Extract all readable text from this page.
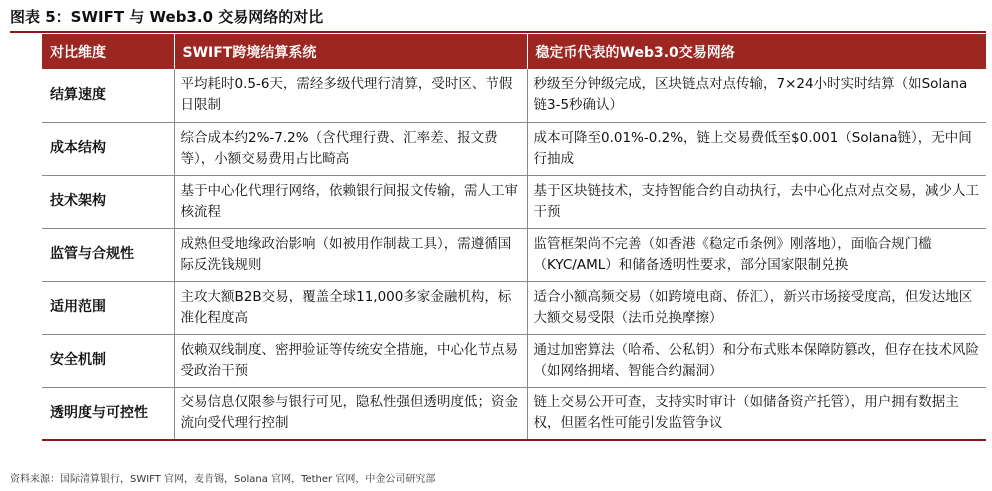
图表 5：SWIFT 与 Web3.0 交易网络的对比
对比维度	SWIFT跨境结算系统	稳定币代表的Web3.0交易网络
结算速度	平均耗时0.5-6天，需经多级代理行清算，受时区、节假日限制	秒级至分钟级完成，区块链点对点传输，7×24小时实时结算（如Solana链3-5秒确认）
成本结构	综合成本约2%-7.2%（含代理行费、汇率差、报文费等），小额交易费用占比畸高	成本可降至0.01%-0.2%，链上交易费低至$0.001（Solana链），无中间行抽成
技术架构	基于中心化代理行网络，依赖银行间报文传输，需人工审核流程	基于区块链技术，支持智能合约自动执行，去中心化点对点交易，减少人工干预
监管与合规性	成熟但受地缘政治影响（如被用作制裁工具），需遵循国际反洗钱规则	监管框架尚不完善（如香港《稳定币条例》刚落地），面临合规门槛（KYC/AML）和储备透明性要求，部分国家限制兑换
适用范围	主攻大额B2B交易，覆盖全球11,000多家金融机构，标准化程度高	适合小额高频交易（如跨境电商、侨汇），新兴市场接受度高，但发达地区大额交易受限（法币兑换摩擦）
安全机制	依赖双线制度、密押验证等传统安全措施，中心化节点易受政治干预	通过加密算法（哈希、公私钥）和分布式账本保障防篡改，但存在技术风险（如网络拥堵、智能合约漏洞）
透明度与可控性	交易信息仅限参与银行可见，隐私性强但透明度低；资金流向受代理行控制	链上交易公开可查，支持实时审计（如储备资产托管），用户拥有数据主权，但匿名性可能引发监管争议
资料来源：国际清算银行，SWIFT 官网，麦肯锡，Solana 官网，Tether 官网，中金公司研究部
